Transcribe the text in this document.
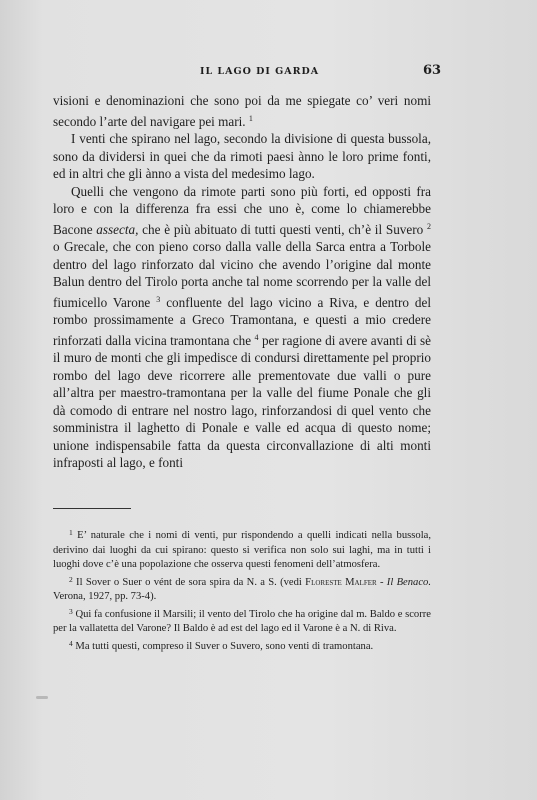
IL LAGO DI GARDA	63

visioni e denominazioni che sono poi da me spiegate co’ veri nomi secondo l’arte del navigare pei mari. $^1$

I venti che spirano nel lago, secondo la divisione di questa bussola, sono da dividersi in quei che da rimoti paesi ànno le loro prime fonti, ed in altri che gli ànno a vista del medesimo lago.

Quelli che vengono da rimote parti sono più forti, ed opposti fra loro e con la differenza fra essi che uno è, come lo chiamerebbe Bacone assecta, che è più abituato di tutti questi venti, ch’è il Suvero $^2$ o Grecale, che con pieno corso dalla valle della Sarca entra a Torbole dentro del lago rinforzato dal vicino che avendo l’origine dal monte Balun dentro del Tirolo porta anche tal nome scorrendo per la valle del fiumicello Varone $^3$ confluente del lago vicino a Riva, e dentro del rombo prossimamente a Greco Tramontana, e questi a mio credere rinforzati dalla vicina tramontana che $^4$ per ragione di avere avanti di sè il muro de monti che gli impedisce di condursi direttamente pel proprio rombo del lago deve ricorrere alle prementovate due valli o pure all’altra per maestro-tramontana per la valle del fiume Ponale che gli dà comodo di entrare nel nostro lago, rinforzandosi di quel vento che somministra il laghetto di Ponale e valle ed acqua di questo nome; unione indispensabile fatta da questa circonvallazione di alti monti infraposti al lago, e fonti

$^1$ E’ naturale che i nomi di venti, pur rispondendo a quelli indicati nella bussola, derivino dai luoghi da cui spirano: questo si verifica non solo sui laghi, ma in tutti i luoghi dove c’è una popolazione che osserva questi fenomeni dell’atmosfera.

$^2$ Il Sover o Suer o vént de sora spira da N. a S. (vedi Floreste Malfer - Il Benaco. Verona, 1927, pp. 73-4).

$^3$ Qui fa confusione il Marsili; il vento del Tirolo che ha origine dal m. Baldo e scorre per la vallatetta del Varone? Il Baldo è ad est del lago ed il Varone è a N. di Riva.

$^4$ Ma tutti questi, compreso il Suver o Suvero, sono venti di tramontana.
